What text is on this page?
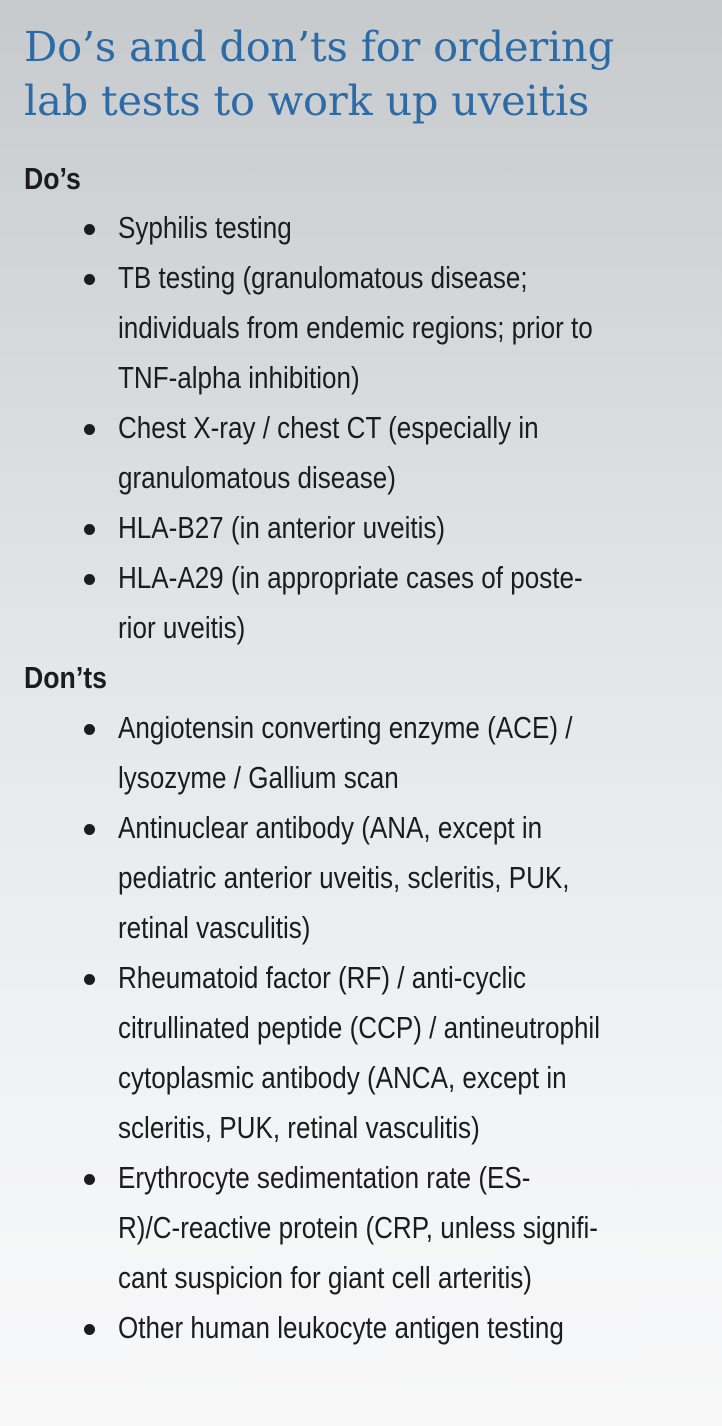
Do’s and don’ts for ordering
lab tests to work up uveitis
Do’s
Syphilis testing
TB testing (granulomatous disease;
individuals from endemic regions; prior to
TNF-alpha inhibition)
Chest X-ray / chest CT (especially in
granulomatous disease)
HLA-B27 (in anterior uveitis)
HLA-A29 (in appropriate cases of poste-
rior uveitis)
Don’ts
Angiotensin converting enzyme (ACE) /
lysozyme / Gallium scan
Antinuclear antibody (ANA, except in
pediatric anterior uveitis, scleritis, PUK,
retinal vasculitis)
Rheumatoid factor (RF) / anti-cyclic
citrullinated peptide (CCP) / antineutrophil
cytoplasmic antibody (ANCA, except in
scleritis, PUK, retinal vasculitis)
Erythrocyte sedimentation rate (ES-
R)/C-reactive protein (CRP, unless signifi-
cant suspicion for giant cell arteritis)
Other human leukocyte antigen testing
